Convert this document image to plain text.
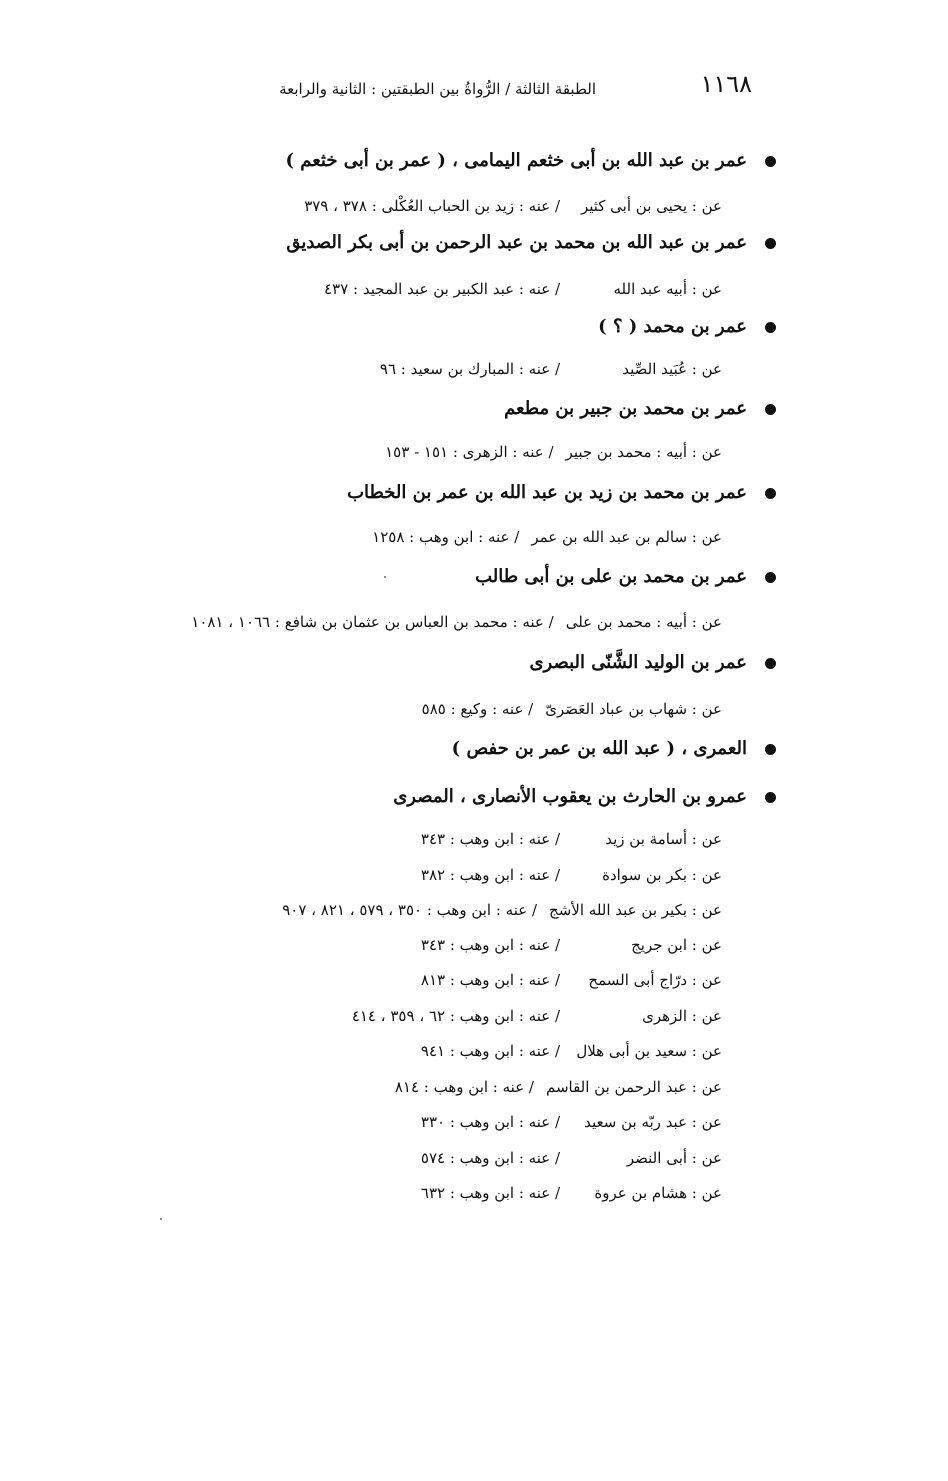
١١٦٨
الطبقة الثالثة / الرُّواةُ بين الطبقتين : الثانية والرابعة
عمر بن عبد الله بن أبى خثعم اليمامى ، ( عمر بن أبى خثعم )
عن : يحيى بن أبى كثير/ عنه : زيد بن الحباب العُكْلى : ٣٧٨ ، ٣٧٩
عمر بن عبد الله بن محمد بن عبد الرحمن بن أبى بكر الصديق
عن : أبيه عبد الله/ عنه : عبد الكبير بن عبد المجيد : ٤٣٧
عمر بن محمد ( ؟ )
عن : عُبَيد الصِّيد/ عنه : المبارك بن سعيد : ٩٦
عمر بن محمد بن جبير بن مطعم
عن : أبيه : محمد بن جبير/ عنه : الزهرى : ١٥١ - ١٥٣
عمر بن محمد بن زيد بن عبد الله بن عمر بن الخطاب
عن : سالم بن عبد الله بن عمر/ عنه : ابن وهب : ١٢٥٨
عمر بن محمد بن على بن أبى طالب
عن : أبيه : محمد بن على/ عنه : محمد بن العباس بن عثمان بن شافع : ١٠٦٦ ، ١٠٨١
عمر بن الوليد الشَّنّى البصرى
عن : شهاب بن عباد العَصَرىّ/ عنه : وكيع : ٥٨٥
العمرى ، ( عبد الله بن عمر بن حفص )
عمرو بن الحارث بن يعقوب الأنصارى ، المصرى
عن : أسامة بن زيد/ عنه : ابن وهب : ٣٤٣
عن : بكر بن سوادة/ عنه : ابن وهب : ٣٨٢
عن : بكير بن عبد الله الأشج/ عنه : ابن وهب : ٣٥٠ ، ٥٧٩ ، ٨٢١ ، ٩٠٧
عن : ابن جريج/ عنه : ابن وهب : ٣٤٣
عن : درّاج أبى السمح/ عنه : ابن وهب : ٨١٣
عن : الزهرى/ عنه : ابن وهب : ٦٢ ، ٣٥٩ ، ٤١٤
عن : سعيد بن أبى هلال/ عنه : ابن وهب : ٩٤١
عن : عبد الرحمن بن القاسم/ عنه : ابن وهب : ٨١٤
عن : عبد ربّه بن سعيد/ عنه : ابن وهب : ٣٣٠
عن : أبى النضر/ عنه : ابن وهب : ٥٧٤
عن : هشام بن عروة/ عنه : ابن وهب : ٦٣٢
